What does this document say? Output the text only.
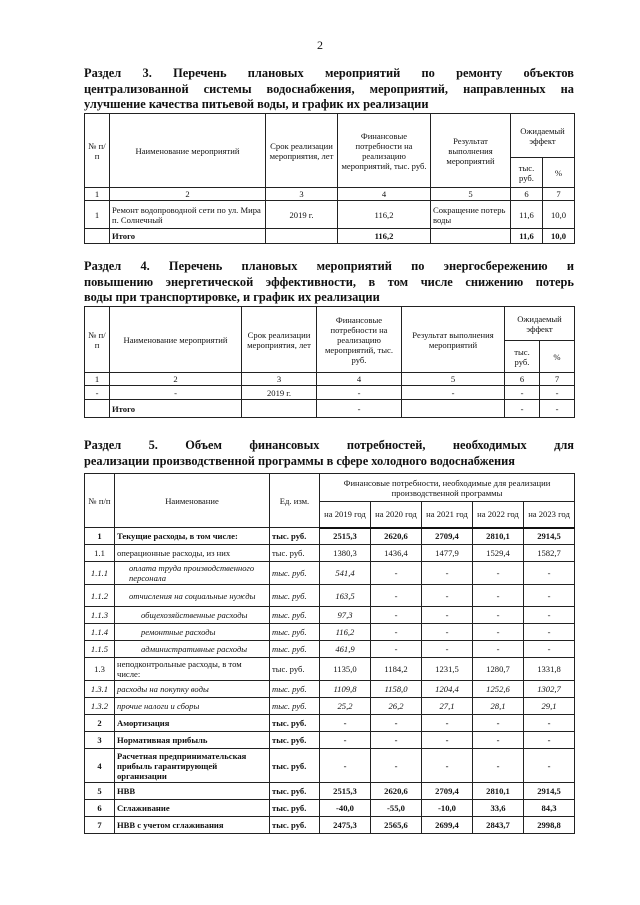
2
Раздел 3. Перечень плановых мероприятий по ремонту объектов
централизованной системы водоснабжения, мероприятий, направленных на
улучшение качества питьевой воды, и график их реализации
№ п/п	Наименование мероприятий	Срок реализации мероприятия, лет	Финансовые потребности на реализацию мероприятий, тыс. руб.	Результат выполнения мероприятий	Ожидаемый эффект	
					тыс. руб.	%
1	2	3	4	5	6	7
1	Ремонт водопроводной сети по ул. Мира п. Солнечный	2019 г.	116,2	Сокращение потерь воды	11,6	10,0
	Итого		116,2		11,6	10,0
Раздел 4. Перечень плановых мероприятий по энергосбережению и
повышению энергетической эффективности, в том числе снижению потерь
воды при транспортировке, и график их реализации
№ п/п	Наименование мероприятий	Срок реализации мероприятия, лет	Финансовые потребности на реализацию мероприятий, тыс. руб.	Результат выполнения мероприятий	Ожидаемый эффект	
					тыс. руб.	%
1	2	3	4	5	6	7
-	-	2019 г.	-	-	-	-
	Итого		-		-	-
Раздел 5. Объем финансовых потребностей, необходимых для
реализации производственной программы в сфере холодного водоснабжения
№ п/п	Наименование	Ед. изм.	Финансовые потребности, необходимые для реализации производственной программы				
			на 2019 год	на 2020 год	на 2021 год	на 2022 год	на 2023 год
1	Текущие расходы, в том числе:	тыс. руб.	2515,3	2620,6	2709,4	2810,1	2914,5
1.1	операционные расходы, из них	тыс. руб.	1380,3	1436,4	1477,9	1529,4	1582,7
1.1.1	оплата труда производственного персонала	тыс. руб.	541,4	-	-	-	-
1.1.2	отчисления на социальные нужды	тыс. руб.	163,5	-	-	-	-
1.1.3	общехозяйственные расходы	тыс. руб.	97,3	-	-	-	-
1.1.4	ремонтные расходы	тыс. руб.	116,2	-	-	-	-
1.1.5	административные расходы	тыс. руб.	461,9	-	-	-	-
1.3	неподконтрольные расходы, в том числе:	тыс. руб.	1135,0	1184,2	1231,5	1280,7	1331,8
1.3.1	расходы на покупку воды	тыс. руб.	1109,8	1158,0	1204,4	1252,6	1302,7
1.3.2	прочие налоги и сборы	тыс. руб.	25,2	26,2	27,1	28,1	29,1
2	Амортизация	тыс. руб.	-	-	-	-	-
3	Нормативная прибыль	тыс. руб.	-	-	-	-	-
4	Расчетная предпринимательская прибыль гарантирующей организации	тыс. руб.	-	-	-	-	-
5	НВВ	тыс. руб.	2515,3	2620,6	2709,4	2810,1	2914,5
6	Сглаживание	тыс. руб.	-40,0	-55,0	-10,0	33,6	84,3
7	НВВ с учетом сглаживания	тыс. руб.	2475,3	2565,6	2699,4	2843,7	2998,8
